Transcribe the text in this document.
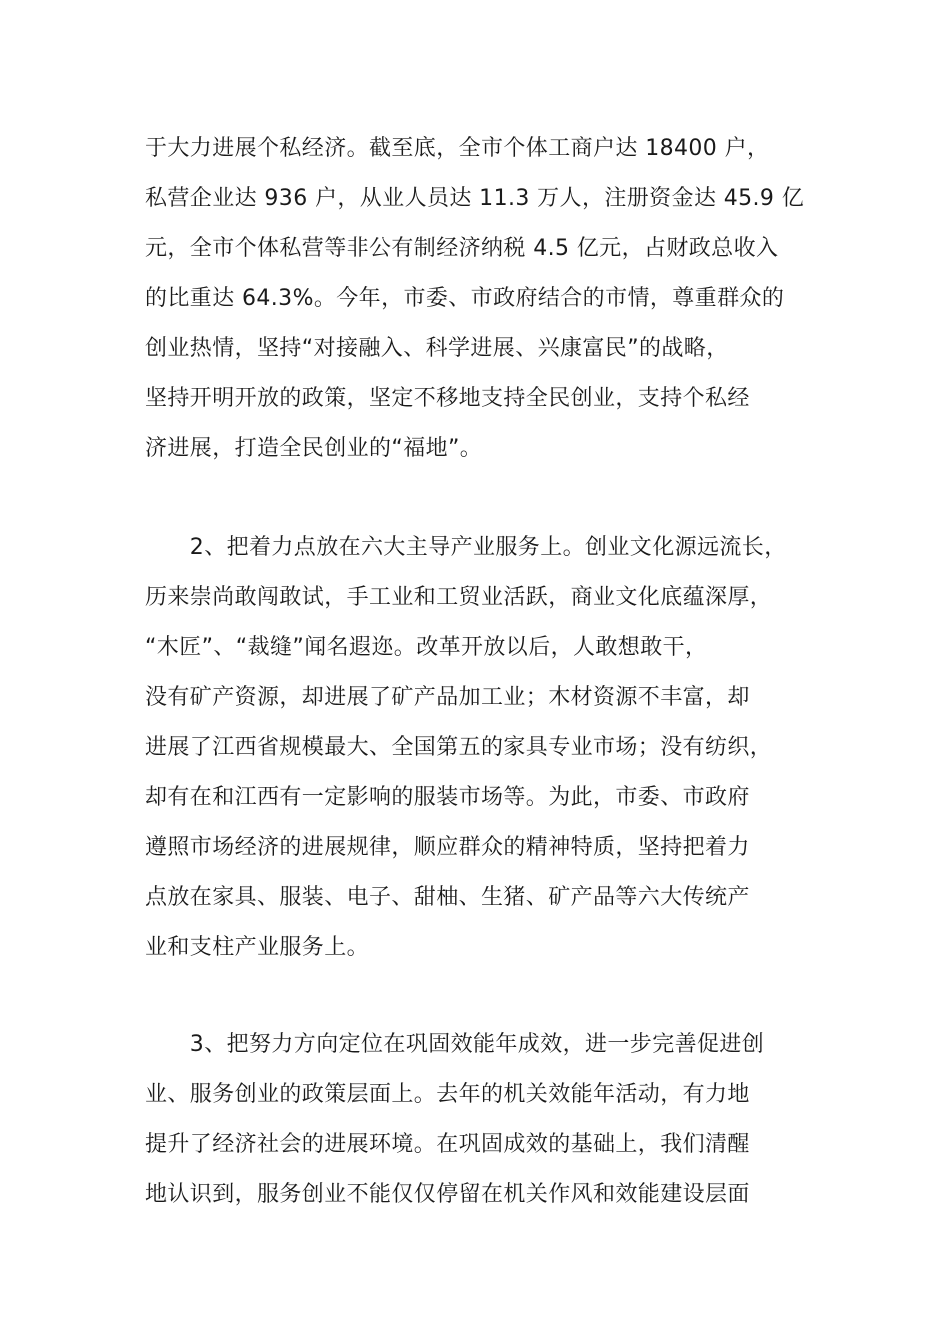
于大力进展个私经济。截至底，全市个体工商户达 18400 户，
私营企业达 936 户，从业人员达 11.3 万人，注册资金达 45.9 亿
元，全市个体私营等非公有制经济纳税 4.5 亿元，占财政总收入
的比重达 64.3%。今年，市委、市政府结合的市情，尊重群众的
创业热情，坚持“对接融入、科学进展、兴康富民”的战略，
坚持开明开放的政策，坚定不移地支持全民创业，支持个私经
济进展，打造全民创业的“福地”。
　　2、把着力点放在六大主导产业服务上。创业文化源远流长，
历来崇尚敢闯敢试，手工业和工贸业活跃，商业文化底蕴深厚，
“木匠”、“裁缝”闻名遐迩。改革开放以后，人敢想敢干，
没有矿产资源，却进展了矿产品加工业；木材资源不丰富，却
进展了江西省规模最大、全国第五的家具专业市场；没有纺织，
却有在和江西有一定影响的服装市场等。为此，市委、市政府
遵照市场经济的进展规律，顺应群众的精神特质，坚持把着力
点放在家具、服装、电子、甜柚、生猪、矿产品等六大传统产
业和支柱产业服务上。
　　3、把努力方向定位在巩固效能年成效，进一步完善促进创
业、服务创业的政策层面上。去年的机关效能年活动，有力地
提升了经济社会的进展环境。在巩固成效的基础上，我们清醒
地认识到，服务创业不能仅仅停留在机关作风和效能建设层面
